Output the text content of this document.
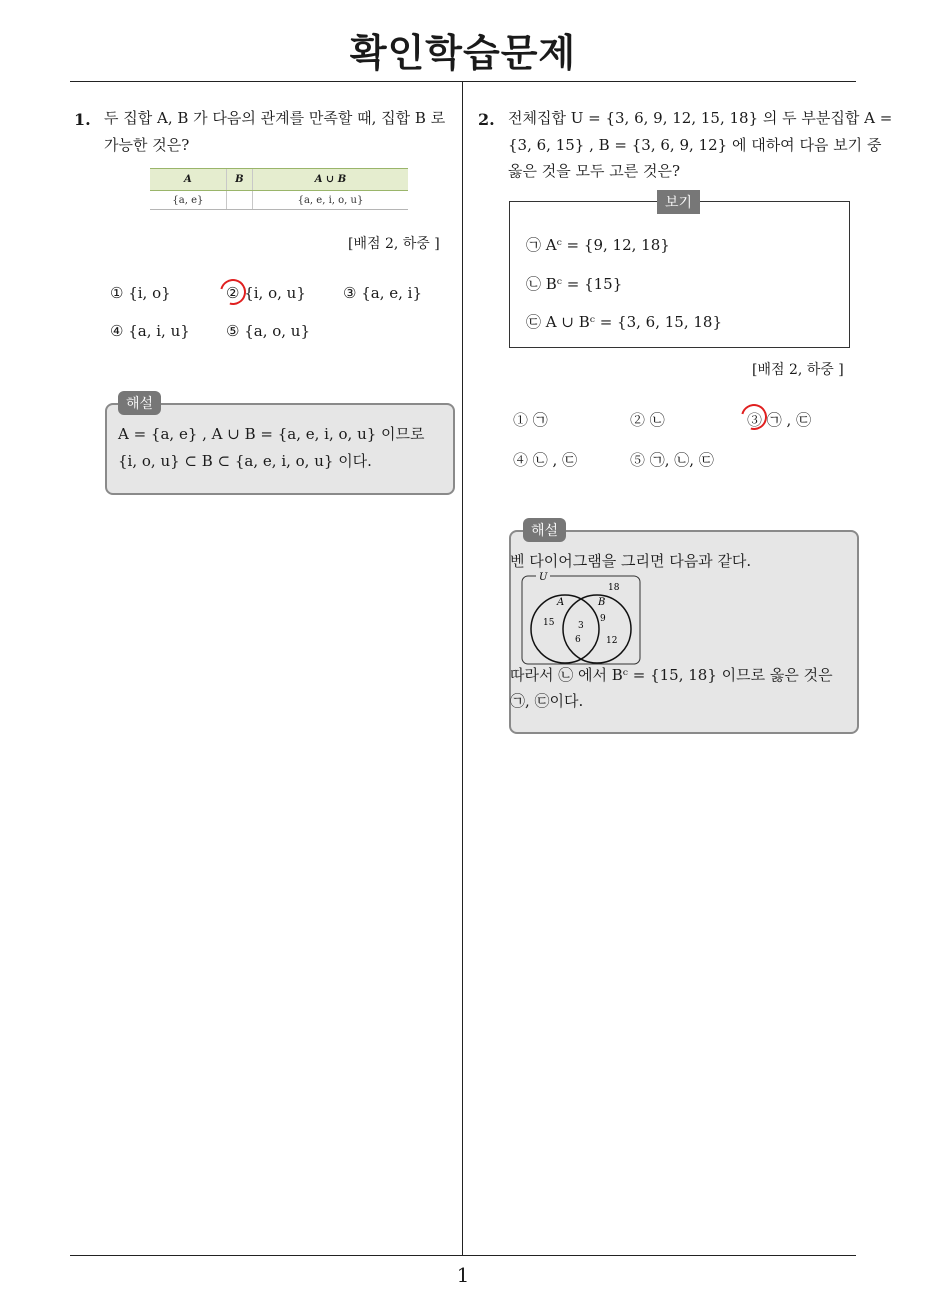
확인학습문제
1
1. 두 집합 A, B 가 다음의 관계를 만족할 때, 집합 B 로
가능한 것은?
A	B	A ∪ B
{a, e}		{a, e, i, o, u}
[배점 2, 하중 ]
① {i, o}	② {i, o, u} ③ {a, e, i}
④ {a, i, u} ⑤ {a, o, u}
해설
A = {a, e} , A ∪ B = {a, e, i, o, u} 이므로
{i, o, u} ⊂ B ⊂ {a, e, i, o, u} 이다.
2. 전체집합 U = {3, 6, 9, 12, 15, 18} 의 두 부분집합 A =
{3, 6, 15} , B = {3, 6, 9, 12} 에 대하여 다음 보기 중
옳은 것을 모두 고른 것은?
보기
㉠ Aᶜ = {9, 12, 18}
㉡ Bᶜ = {15}
㉢ A ∪ Bᶜ = {3, 6, 15, 18}
[배점 2, 하중 ]
① ㉠	② ㉡	③ ㉠ , ㉢
④ ㉡ , ㉢	⑤ ㉠, ㉡, ㉢
해설
벤 다이어그램을 그리면 다음과 같다.
U
18
A	B
15	3
6
9
12
따라서 ㉡ 에서 Bᶜ = {15, 18} 이므로 옳은 것은
㉠, ㉢이다.
